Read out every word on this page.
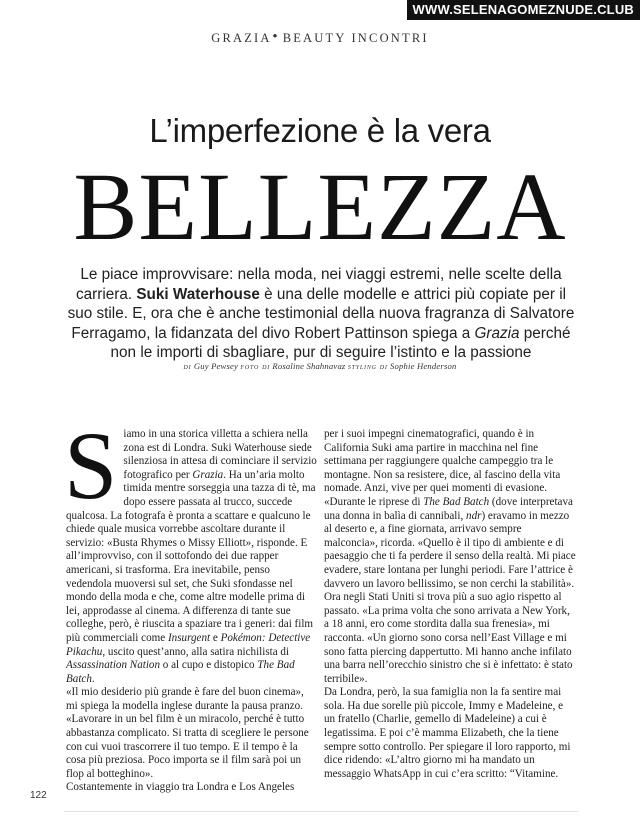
WWW.SELENAGOMEZNUDE.CLUB
GRAZIA● BEAUTY INCONTRI
L’imperfezione è la vera
BELLEZZA
Le piace improvvisare: nella moda, nei viaggi estremi, nelle scelte della carriera. Suki Waterhouse è una delle modelle e attrici più copiate per il suo stile. E, ora che è anche testimonial della nuova fragranza di Salvatore Ferragamo, la fidanzata del divo Robert Pattinson spiega a Grazia perché non le importi di sbagliare, pur di seguire l’istinto e la passione
di Guy Pewsey foto di Rosaline Shahnavaz styling di Sophie Henderson
S iamo in una storica villetta a schiera nella zona est di Londra. Suki Waterhouse siede silenziosa in attesa di cominciare il servizio fotografico per Grazia. Ha un’aria molto timida mentre sorseggia una tazza di tè, ma dopo essere passata al trucco, succede qualcosa. La fotografa è pronta a scattare e qualcuno le chiede quale musica vorrebbe ascoltare durante il servizio: «Busta Rhymes o Missy Elliott», risponde. E all’improvviso, con il sottofondo dei due rapper americani, si trasforma. Era inevitabile, penso vedendola muoversi sul set, che Suki sfondasse nel mondo della moda e che, come altre modelle prima di lei, approdasse al cinema. A differenza di tante sue colleghe, però, è riuscita a spaziare tra i generi: dai film più commerciali come Insurgent e Pokémon: Detective Pikachu, uscito quest’anno, alla satira nichilista di Assassination Nation o al cupo e distopico The Bad Batch.

«Il mio desiderio più grande è fare del buon cinema», mi spiega la modella inglese durante la pausa pranzo. «Lavorare in un bel film è un miracolo, perché è tutto abbastanza complicato. Si tratta di scegliere le persone con cui vuoi trascorrere il tuo tempo. E il tempo è la cosa più preziosa. Poco importa se il film sarà poi un flop al botteghino».

Costantemente in viaggio tra Londra e Los Angeles

per i suoi impegni cinematografici, quando è in California Suki ama partire in macchina nel fine settimana per raggiungere qualche campeggio tra le montagne. Non sa resistere, dice, al fascino della vita nomade. Anzi, vive per quei momenti di evasione. «Durante le riprese di The Bad Batch (dove interpretava una donna in balìa di cannibali, ndr) eravamo in mezzo al deserto e, a fine giornata, arrivavo sempre malconcia», ricorda. «Quello è il tipo di ambiente e di paesaggio che ti fa perdere il senso della realtà. Mi piace evadere, stare lontana per lunghi periodi. Fare l’attrice è davvero un lavoro bellissimo, se non cerchi la stabilità».

Ora negli Stati Uniti si trova più a suo agio rispetto al passato. «La prima volta che sono arrivata a New York, a 18 anni, ero come stordita dalla sua frenesia», mi racconta. «Un giorno sono corsa nell’East Village e mi sono fatta piercing dappertutto. Mi hanno anche infilato una barra nell’orecchio sinistro che si è infettato: è stato terribile».

Da Londra, però, la sua famiglia non la fa sentire mai sola. Ha due sorelle più piccole, Immy e Madeleine, e un fratello (Charlie, gemello di Madeleine) a cui è legatissima. E poi c’è mamma Elizabeth, che la tiene sempre sotto controllo. Per spiegare il loro rapporto, mi dice ridendo: «L’altro giorno mi ha mandato un messaggio WhatsApp in cui c’era scritto: “Vitamine.

122
